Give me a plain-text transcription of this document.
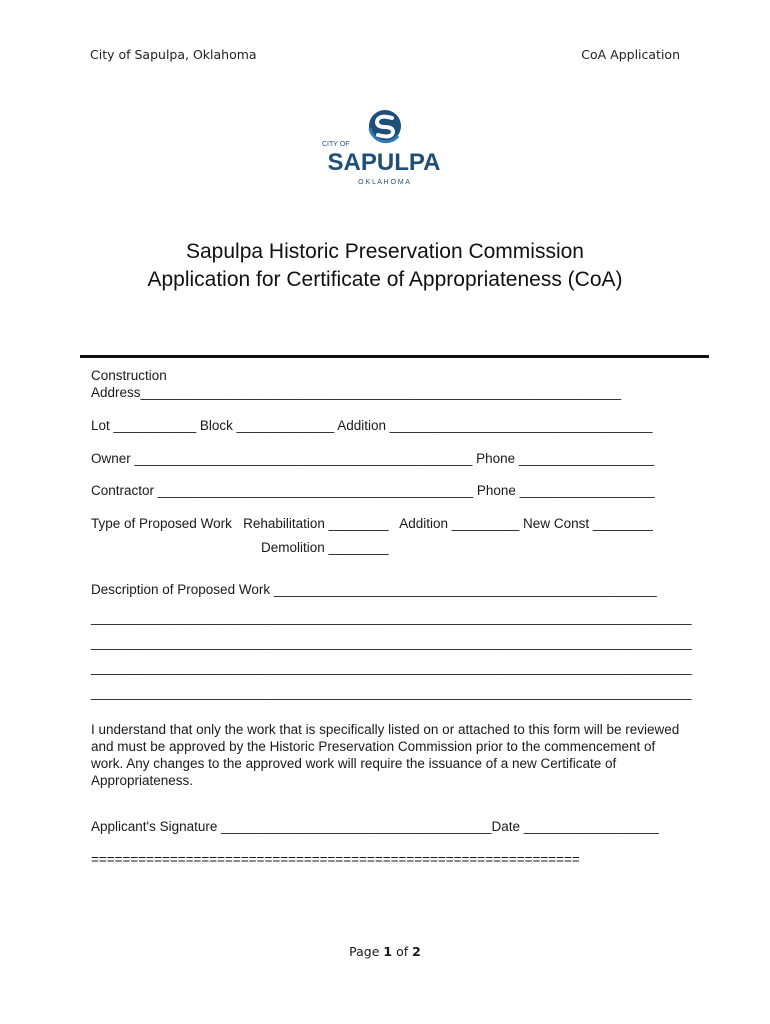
City of Sapulpa, Oklahoma	CoA Application
CITY OF
SAPULPA
O K L A H O M A
Sapulpa Historic Preservation Commission
Application for Certificate of Appropriateness (CoA)
Construction
Address________________________________________________________________
Lot ___________ Block _____________ Addition ___________________________________
Owner _____________________________________________ Phone __________________
Contractor __________________________________________ Phone __________________
Type of Proposed Work   Rehabilitation ________   Addition _________ New Const ________
Demolition ________
Description of Proposed Work ___________________________________________________
________________________________________________________________________________
________________________________________________________________________________
________________________________________________________________________________
________________________________________________________________________________
I understand that only the work that is specifically listed on or attached to this form will be reviewed and must be approved by the Historic Preservation Commission prior to the commencement of work. Any changes to the approved work will require the issuance of a new Certificate of Appropriateness.
Applicant's Signature ____________________________________Date __________________
==============================================================
Page 1 of 2
